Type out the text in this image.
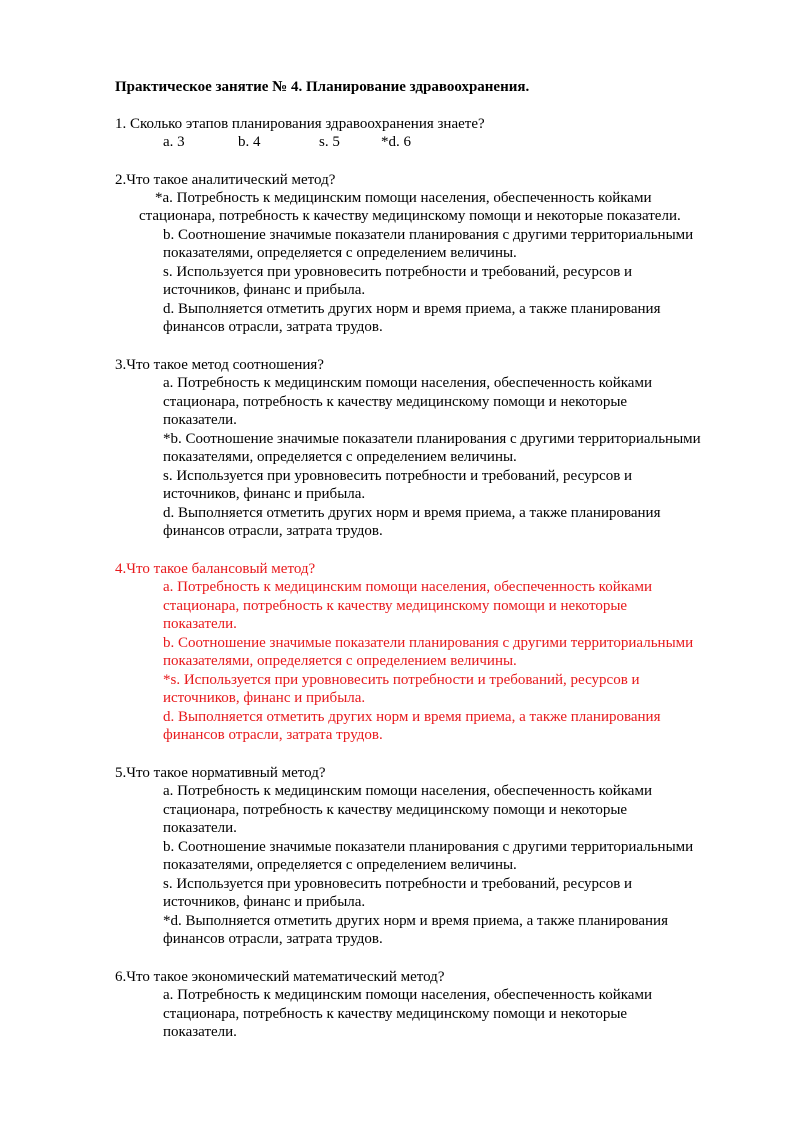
Практическое занятие № 4. Планирование здравоохранения.
1. Сколько этапов планирования здравоохранения знаете?
a. 3	b. 4	s. 5	*d. 6
2.Что такое аналитический метод?
*a. Потребность к медицинским помощи населения, обеспеченность койками
стационара, потребность к качеству медицинскому помощи и некоторые показатели.
b. Соотношение значимые показатели планирования с другими территориальными
показателями, определяется с определением величины.
s. Используется при уровновесить потребности и требований, ресурсов и
источников, финанс и прибыла.
d. Выполняется отметить других норм и время приема, а также планирования
финансов отрасли, затрата трудов.
3.Что такое метод соотношения?
a. Потребность к медицинским помощи населения, обеспеченность койками
стационара, потребность к качеству медицинскому помощи и некоторые
показатели.
*b. Соотношение значимые показатели планирования с другими территориальными
показателями, определяется с определением величины.
s. Используется при уровновесить потребности и требований, ресурсов и
источников, финанс и прибыла.
d. Выполняется отметить других норм и время приема, а также планирования
финансов отрасли, затрата трудов.
4.Что такое балансовый метод?
a. Потребность к медицинским помощи населения, обеспеченность койками
стационара, потребность к качеству медицинскому помощи и некоторые
показатели.
b. Соотношение значимые показатели планирования с другими территориальными
показателями, определяется с определением величины.
*s. Используется при уровновесить потребности и требований, ресурсов и
источников, финанс и прибыла.
d. Выполняется отметить других норм и время приема, а также планирования
финансов отрасли, затрата трудов.
5.Что такое нормативный метод?
a. Потребность к медицинским помощи населения, обеспеченность койками
стационара, потребность к качеству медицинскому помощи и некоторые
показатели.
b. Соотношение значимые показатели планирования с другими территориальными
показателями, определяется с определением величины.
s. Используется при уровновесить потребности и требований, ресурсов и
источников, финанс и прибыла.
*d. Выполняется отметить других норм и время приема, а также планирования
финансов отрасли, затрата трудов.
6.Что такое экономический математический метод?
a. Потребность к медицинским помощи населения, обеспеченность койками
стационара, потребность к качеству медицинскому помощи и некоторые
показатели.
